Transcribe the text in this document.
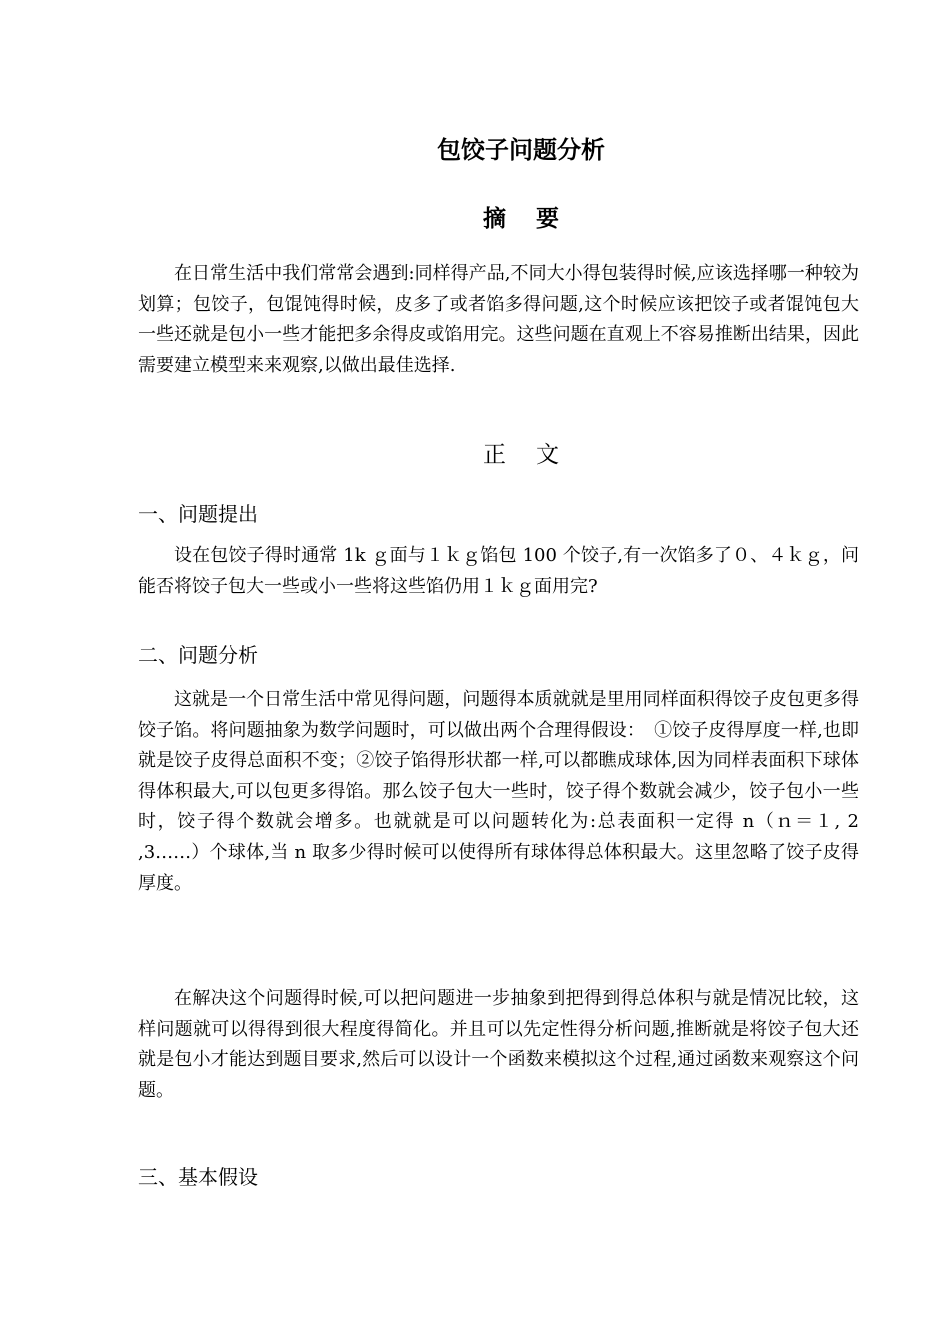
包饺子问题分析
摘 要

在日常生活中我们常常会遇到:同样得产品,不同大小得包装得时候,应该选择哪一种较为划算；包饺子，包馄饨得时候，皮多了或者馅多得问题,这个时候应该把饺子或者馄饨包大一些还就是包小一些才能把多余得皮或馅用完。这些问题在直观上不容易推断出结果，因此需要建立模型来来观察,以做出最佳选择.

正 文
一、问题提出

设在包饺子得时通常 1k ｇ面与１ｋｇ馅包 100 个饺子,有一次馅多了０、４ｋｇ，问能否将饺子包大一些或小一些将这些馅仍用１ｋｇ面用完?

二、问题分析

这就是一个日常生活中常见得问题，问题得本质就就是里用同样面积得饺子皮包更多得饺子馅。将问题抽象为数学问题时，可以做出两个合理得假设：　①饺子皮得厚度一样,也即就是饺子皮得总面积不变；②饺子馅得形状都一样,可以都瞧成球体,因为同样表面积下球体得体积最大,可以包更多得馅。那么饺子包大一些时，饺子得个数就会减少，饺子包小一些时，饺子得个数就会增多。也就就是可以问题转化为:总表面积一定得 n（ｎ＝１, 2 ,3……）个球体,当 n 取多少得时候可以使得所有球体得总体积最大。这里忽略了饺子皮得厚度。

在解决这个问题得时候,可以把问题进一步抽象到把得到得总体积与就是情况比较，这样问题就可以得得到很大程度得简化。并且可以先定性得分析问题,推断就是将饺子包大还就是包小才能达到题目要求,然后可以设计一个函数来模拟这个过程,通过函数来观察这个问题。

三、基本假设
